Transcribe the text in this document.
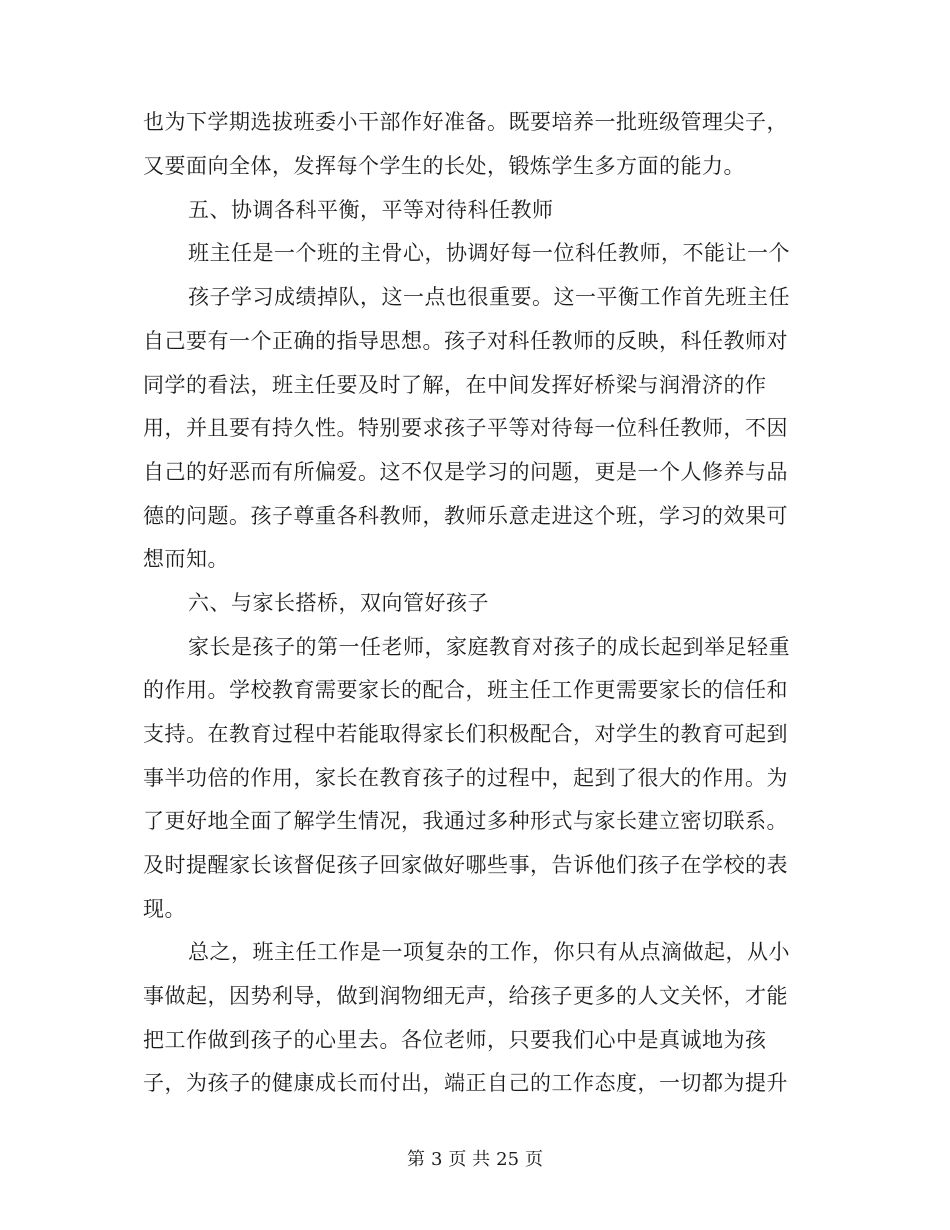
也为下学期选拔班委小干部作好准备。既要培养一批班级管理尖子，
又要面向全体，发挥每个学生的长处，锻炼学生多方面的能力。
五、协调各科平衡，平等对待科任教师
班主任是一个班的主骨心，协调好每一位科任教师，不能让一个
孩子学习成绩掉队，这一点也很重要。这一平衡工作首先班主任
自己要有一个正确的指导思想。孩子对科任教师的反映，科任教师对
同学的看法，班主任要及时了解，在中间发挥好桥梁与润滑济的作
用，并且要有持久性。特别要求孩子平等对待每一位科任教师，不因
自己的好恶而有所偏爱。这不仅是学习的问题，更是一个人修养与品
德的问题。孩子尊重各科教师，教师乐意走进这个班，学习的效果可
想而知。
六、与家长搭桥，双向管好孩子
家长是孩子的第一任老师，家庭教育对孩子的成长起到举足轻重
的作用。学校教育需要家长的配合，班主任工作更需要家长的信任和
支持。在教育过程中若能取得家长们积极配合，对学生的教育可起到
事半功倍的作用，家长在教育孩子的过程中，起到了很大的作用。为
了更好地全面了解学生情况，我通过多种形式与家长建立密切联系。
及时提醒家长该督促孩子回家做好哪些事，告诉他们孩子在学校的表
现。
总之，班主任工作是一项复杂的工作，你只有从点滴做起，从小
事做起，因势利导，做到润物细无声，给孩子更多的人文关怀，才能
把工作做到孩子的心里去。各位老师，只要我们心中是真诚地为孩
子，为孩子的健康成长而付出，端正自己的工作态度，一切都为提升
第 3 页 共 25 页
